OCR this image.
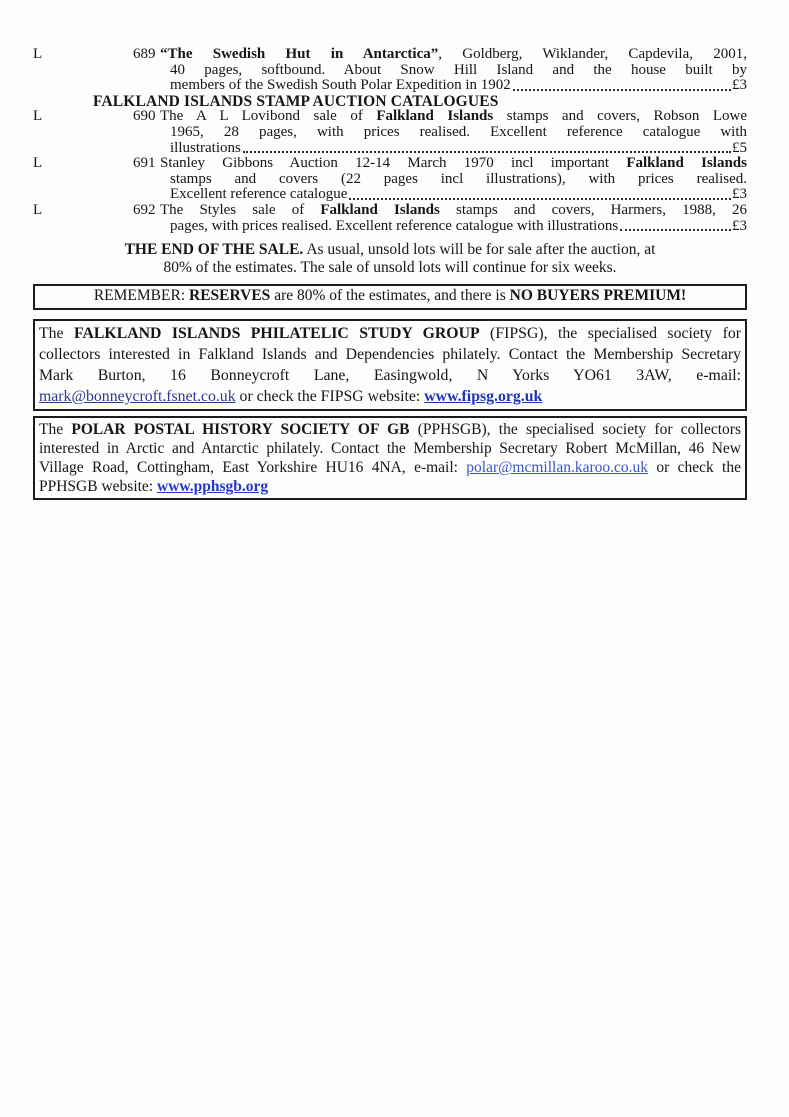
L	689 “The Swedish Hut in Antarctica”, Goldberg, Wiklander, Capdevila, 2001,
40 pages, softbound. About Snow Hill Island and the house built by
members of the Swedish South Polar Expedition in 1902	£3
FALKLAND ISLANDS STAMP AUCTION CATALOGUES
L	690 The A L Lovibond sale of Falkland Islands stamps and covers, Robson Lowe
1965, 28 pages, with prices realised. Excellent reference catalogue with
illustrations	£5
L	691 Stanley Gibbons Auction 12-14 March 1970 incl important Falkland Islands
stamps and covers (22 pages incl illustrations), with prices realised.
Excellent reference catalogue	£3
L	692 The Styles sale of Falkland Islands stamps and covers, Harmers, 1988, 26
pages, with prices realised. Excellent reference catalogue with illustrations	£3
THE END OF THE SALE. As usual, unsold lots will be for sale after the auction, at
80% of the estimates. The sale of unsold lots will continue for six weeks.
REMEMBER: RESERVES are 80% of the estimates, and there is NO BUYERS PREMIUM!
The FALKLAND ISLANDS PHILATELIC STUDY GROUP (FIPSG), the specialised society for
collectors interested in Falkland Islands and Dependencies philately. Contact the Membership Secretary
Mark Burton, 16 Bonneycroft Lane, Easingwold, N Yorks YO61 3AW, e-mail:
mark@bonneycroft.fsnet.co.uk or check the FIPSG website: www.fipsg.org.uk
The POLAR POSTAL HISTORY SOCIETY OF GB (PPHSGB), the specialised society for collectors
interested in Arctic and Antarctic philately. Contact the Membership Secretary Robert McMillan, 46 New
Village Road, Cottingham, East Yorkshire HU16 4NA, e-mail: polar@mcmillan.karoo.co.uk or check the
PPHSGB website: www.pphsgb.org
